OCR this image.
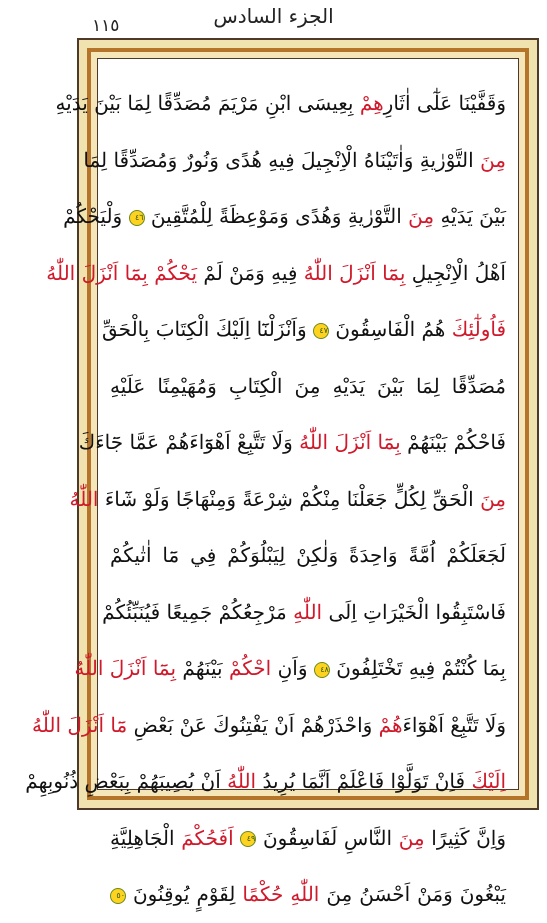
الجزء السادس
١١٥
وَقَفَّيْنَا عَلٰٓى اٰثَارِهِمْ بِعِيسَى ابْنِ مَرْيَمَ مُصَدِّقًا لِمَا بَيْنَ يَدَيْهِ
مِنَ التَّوْرٰيةِ وَاٰتَيْنَاهُ الْاِنْجِيلَ فِيهِ هُدًى وَنُورٌ وَمُصَدِّقًا لِمَا
بَيْنَ يَدَيْهِ مِنَ التَّوْرٰيةِ وَهُدًى وَمَوْعِظَةً لِلْمُتَّقِينَ ٤٦ وَلْيَحْكُمْ
اَهْلُ الْاِنْجِيلِ بِمَٓا اَنْزَلَ اللّٰهُ فِيهِ وَمَنْ لَمْ يَحْكُمْ بِمَٓا اَنْزَلَ اللّٰهُ
فَاُولٰٓئِكَ هُمُ الْفَاسِقُونَ ٤٧ وَاَنْزَلْنَٓا اِلَيْكَ الْكِتَابَ بِالْحَقِّ
مُصَدِّقًا لِمَا بَيْنَ يَدَيْهِ مِنَ الْكِتَابِ وَمُهَيْمِنًا عَلَيْهِ
فَاحْكُمْ بَيْنَهُمْ بِمَٓا اَنْزَلَ اللّٰهُ وَلَا تَتَّبِعْ اَهْوَٓاءَهُمْ عَمَّا جَٓاءَكَ
مِنَ الْحَقِّ لِكُلٍّ جَعَلْنَا مِنْكُمْ شِرْعَةً وَمِنْهَاجًا وَلَوْ شَٓاءَ اللّٰهُ
لَجَعَلَكُمْ اُمَّةً وَاحِدَةً وَلٰكِنْ لِيَبْلُوَكُمْ فِي مَٓا اٰتٰيكُمْ
فَاسْتَبِقُوا الْخَيْرَاتِ اِلَى اللّٰهِ مَرْجِعُكُمْ جَمِيعًا فَيُنَبِّئُكُمْ
بِمَا كُنْتُمْ فِيهِ تَخْتَلِفُونَ ٤٨ وَاَنِ احْكُمْ بَيْنَهُمْ بِمَٓا اَنْزَلَ اللّٰهُ
وَلَا تَتَّبِعْ اَهْوَٓاءَهُمْ وَاحْذَرْهُمْ اَنْ يَفْتِنُوكَ عَنْ بَعْضِ مَٓا اَنْزَلَ اللّٰهُ
اِلَيْكَ فَاِنْ تَوَلَّوْا فَاعْلَمْ اَنَّمَا يُرِيدُ اللّٰهُ اَنْ يُصِيبَهُمْ بِبَعْضِ ذُنُوبِهِمْ
وَاِنَّ كَثِيرًا مِنَ النَّاسِ لَفَاسِقُونَ ٤٩ اَفَحُكْمَ الْجَاهِلِيَّةِ
يَبْغُونَ وَمَنْ اَحْسَنُ مِنَ اللّٰهِ حُكْمًا لِقَوْمٍ يُوقِنُونَ ٥٠
